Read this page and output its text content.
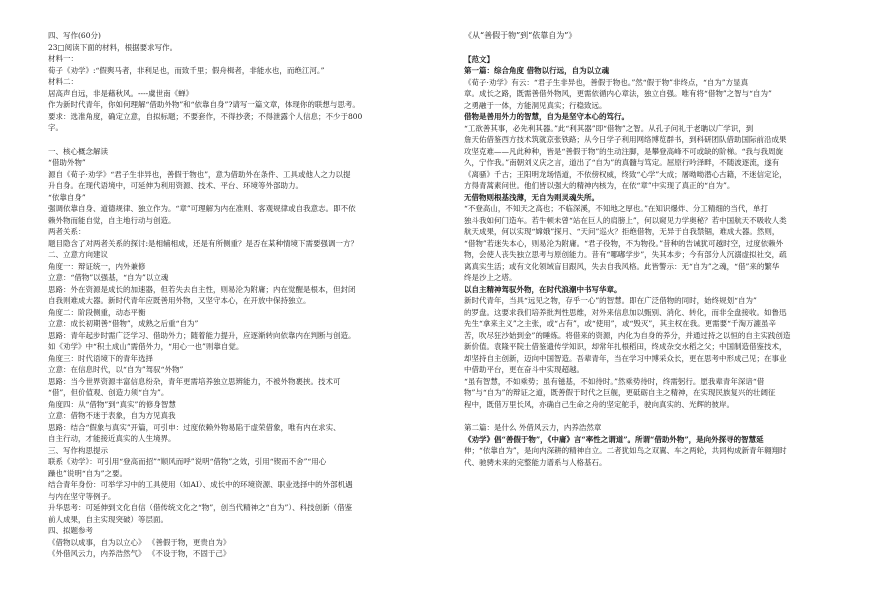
四、写作(60分)
23□阅读下面的材料，根据要求写作。
材料一：
荀子《劝学》:“假舆马者，非利足也，而致千里；假舟楫者，非能水也，而绝江河。”
材料二：
居高声自远，非是藉秋风。----虞世南《蝉》
作为新时代青年，你如何理解“借助外物”和“依靠自身”?请写一篇文章，体现你的联想与思考。
要求：选准角度，确定立意，自拟标题；不要套作，不得抄袭；不得泄露个人信息；不少于800
字。
一、核心概念解读
“借助外物”
源自《荀子·劝学》“君子生非异也，善假于物也”，意为借助外在条件、工具或他人之力以提
升自身。在现代语境中，可延伸为利用资源、技术、平台、环境等外部助力。
“依靠自身”
强调依靠自身、道德规律、独立作为。“章”可理解为内在准则、客观规律或自我意志。即不依
赖外物而能自觉，自主地行动与创造。
两者关系：
题目隐含了对两者关系的探讨:是相辅相成，还是有所侧重？是否在某种情境下需要强调一方？
二、立意方向建议
角度一：辩证统一，内外兼修
立意：“借物”以强基，“自为”以立魂
思路：外在资源是成长的加速器，但若失去自主性，则易沦为附庸；内在觉醒是根本，但封闭
自我则难成大器。新时代青年应既善用外物，又坚守本心，在开放中保持独立。
角度二：阶段侧重，动态平衡
立意：成长初期善“借物”，成熟之后重“自为”
思路：青年起步时需广泛学习、借助外力；随着能力提升，应逐渐转向依靠内在判断与创造。
如《劝学》中“积土成山”需借外力，“用心一也”则靠自觉。
角度三：时代语境下的青年选择
立意：在信息时代，以“自为”驾驭“外物”
思路：当今世界资源丰富信息纷杂，青年更需培养独立思辨能力，不被外物裹挟。技术可
“借”，但价值观、创造力须“自为”。
角度四：从“借物”到“真实”的修身智慧
立意：借物不迷于表象，自为方见真我
思路：结合“假象与真实”开篇，可引申：过度依赖外物易陷于虚荣借象，唯有内在求实、
自主行动，才能接近真实的人生境界。
三、写作构思提示
联系《劝学》：可引用“登高而招”“顺风而呼”说明“借物”之效，引用“锲而不舍”“用心
躁也”说明“自为”之要。
结合青年身份：可举学习中的工具使用（如AI）、成长中的环境资源、职业选择中的外部机遇
与内在坚守等例子。
升华思考：可延伸到文化自信（借传统文化之“物”，创当代精神之“自为”）、科技创新（借鉴
前人成果，自主实现突破）等层面。
四、拟题参考
《借物以成事，自为以立心》 《善假于物，更贵自为》
《外借风云力，内养浩然气》 《不设于物，不固于己》
《从“善假于物”到“依靠自为”》
【范文】
第一篇：综合角度 借物以行远，自为以立魂
《荀子·劝学》有云：“君子生非异也，善假于物也。”然“假于物”非终点，“自为”方显真
章。成长之路，既需善借外物风，更需依循内心章法，独立自强。唯有将“借物”之智与“自为”
之勇融于一体，方能洞见真实；行稳致远。
借物是善用外力的智慧，自为是坚守本心的笃行。
“工欲善其事，必先利其器。”此“利其器”即“借物”之智。从孔子问礼于老聃以广学识，到
詹天佑借鉴西方技术筑就京张铁路；从今日学子利用网络博览群书，到科研团队借助国际前沿成果
攻坚克难——凡此种种，皆是“善假于物”的生动注脚，是攀登高峰不可或缺的阶梯。“我与我周旋
久，宁作我。”南朝刘义庆之言，道出了“自为”的真髓与笃定。屈原行吟泽畔，不随波逐流，遂有
《离骚》千古；王阳明龙场悟道，不依傍权威，终致“心学”大成；屠呦呦潜心古籍，不迷信定论，
方得青蒿素问世。他们皆以强大的精神内核为，在依“章”中实现了真正的“自为”。
无借物则根基浅薄，无自为则灵魂失所。
“不登高山，不知天之高也；不临深溪，不知地之厚也。”在知识爆炸、分工精细的当代，单打
独斗我如何门造车。若牛顿未曾“站在巨人的肩膀上”，何以窥见力学奥秘？若中国航天不吸收人类
航天成果，何以实现“嫦娥”探月、“天问”巡火？拒绝借物，无异于自我禁锢，难成大器。然则，
“借物”若迷失本心，则易沦为附庸。“君子役物，不为物役。”昔种的告诫犹可越时空，过度依赖外
物，会使人丧失独立思考与原创能力。昔有“哪嘟学步”，失其本步；今有部分人沉溺虚拟社交，疏
离真实生活；或有文化领域盲目跟风，失去自我风格。此皆警示：无“自为”之魂，“借”来的繁华
终是沙上之塔。
以自主精神驾驭外物，在时代浪潮中书写华章。
新时代青年，当具“远见之物，存乎一心”的智慧。即在广泛借物的同时，始终规划“自为”
的罗盘。这要求我们培养批判性思维，对外来信息加以甄别、消化、转化，而非全盘接收。如鲁迅
先生“拿来主义”之主张，或“占有”，或“使用”，或“毁灭”，其主权在我。更需要“千淘万漉虽辛
苦，吹尽狂沙始到金”的睡炼。将借来的资源，内化为自身的养分，并通过持之以恒的自主实践创造
新价值。袁隆平院士借鉴遗传学知识，却常年扎根稻田，终成杂交水稻之父；中国制造借鉴技术，
却坚持自主创新，迈向中国智造。吾辈青年，当在学习中博采众长，更在思考中形成己见；在事业
中借助平台，更在奋斗中实现超越。
“虽有智慧，不如乘势；虽有镃基，不如待时。”然乘势待时，终需躬行。愿我辈青年深谙“借
物”与“自为”的辩证之道，既善假于时代之巨舰，更砥砺自主之精神，在实现民族复兴的壮阔征
程中，既借万里长风，亦确自己生命之舟的坚定舵手，驶向真实的、光辉的彼岸。
第二篇：是什么 外借风云力，内养浩然章
《劝学》倡“善假于物”，《中庸》言“率性之谓道”。所谓“借助外物”，是向外探寻的智慧延
伸；“依靠自为”，是向内深耕的精神自立。二者犹如鸟之双翼、车之两轮，共同构成新青年翱翔时
代、驰骋未来的完整能力谱系与人格基石。
